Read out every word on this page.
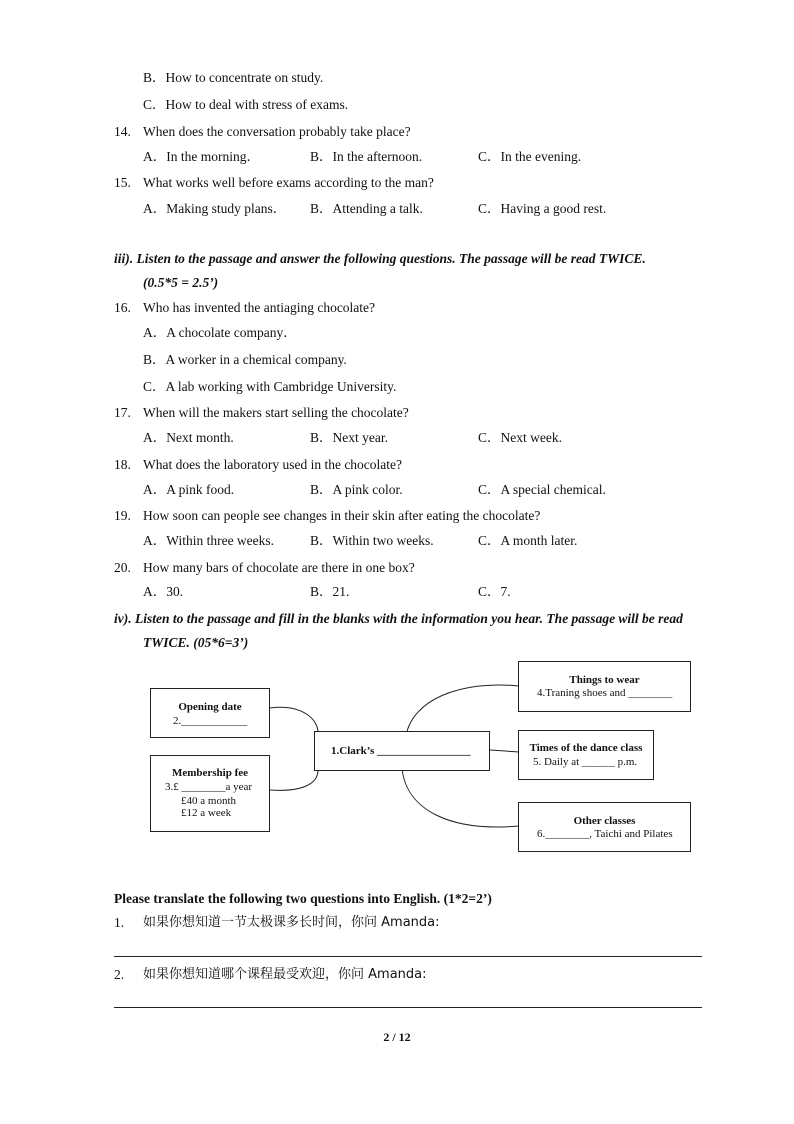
B．How to concentrate on study.
C．How to deal with stress of exams.
14. When does the conversation probably take place?
A．In the morning．	B．In the afternoon.	C．In the evening.
15. What works well before exams according to the man?
A．Making study plans． B．Attending a talk.	C．Having a good rest.
iii). Listen to the passage and answer the following questions. The passage will be read TWICE.
(0.5*5 = 2.5’)
16. Who has invented the antiaging chocolate?
A．A chocolate company．
B．A worker in a chemical company.
C．A lab working with Cambridge University.
17. When will the makers start selling the chocolate?
A．Next month.	B．Next year.	C．Next week.
18. What does the laboratory used in the chocolate?
A．A pink food.	B．A pink color.	C．A special chemical.
19. How soon can people see changes in their skin after eating the chocolate?
A．Within three weeks.	B．Within two weeks.	C．A month later.
20. How many bars of chocolate are there in one box?
A．30.	B．21.	C．7.
iv). Listen to the passage and fill in the blanks with the information you hear. The passage will be read
TWICE. (05*6=3’)
Opening date
2.____________
Membership fee
3.£ ________a year
£40 a month
£12 a week
1.Clark’s _________________
Things to wear
4.Traning shoes and ________
Times of the dance class
5. Daily at ______ p.m.
Other classes
6.________, Taichi and Pilates
Please translate the following two questions into English. (1*2=2’)
1. 如果你想知道一节太极课多长时间，你问 Amanda:
2. 如果你想知道哪个课程最受欢迎，你问 Amanda:
2 / 12
